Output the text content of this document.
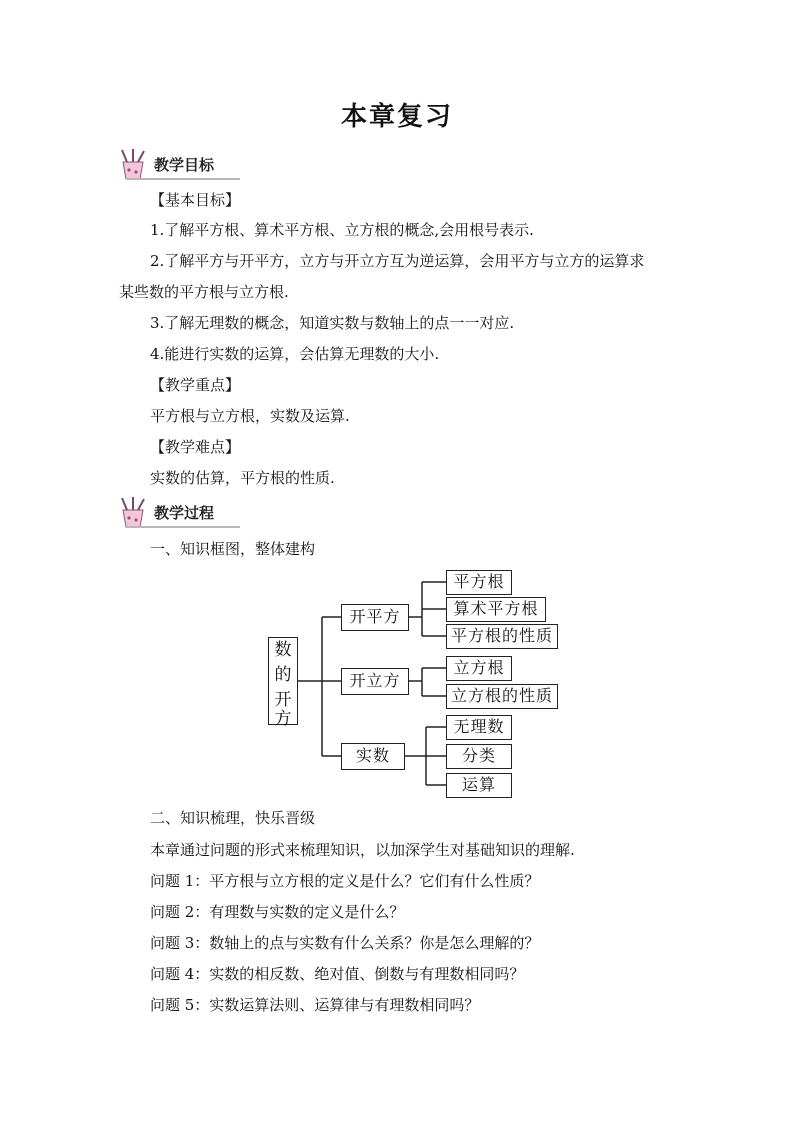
本章复习
教学目标
【基本目标】
1.了解平方根、算术平方根、立方根的概念,会用根号表示.
2.了解平方与开平方，立方与开立方互为逆运算，会用平方与立方的运算求
某些数的平方根与立方根.
3.了解无理数的概念，知道实数与数轴上的点一一对应.
4.能进行实数的运算，会估算无理数的大小.
【教学重点】
平方根与立方根，实数及运算.
【教学难点】
实数的估算，平方根的性质.
教学过程
一、知识框图，整体建构
数
的
开
方
开平方
开立方
实数
平方根
算术平方根
平方根的性质
立方根
立方根的性质
无理数
分类
运算
二、知识梳理，快乐晋级
本章通过问题的形式来梳理知识，以加深学生对基础知识的理解.
问题 1：平方根与立方根的定义是什么？它们有什么性质？
问题 2：有理数与实数的定义是什么？
问题 3：数轴上的点与实数有什么关系？你是怎么理解的？
问题 4：实数的相反数、绝对值、倒数与有理数相同吗？
问题 5：实数运算法则、运算律与有理数相同吗？
